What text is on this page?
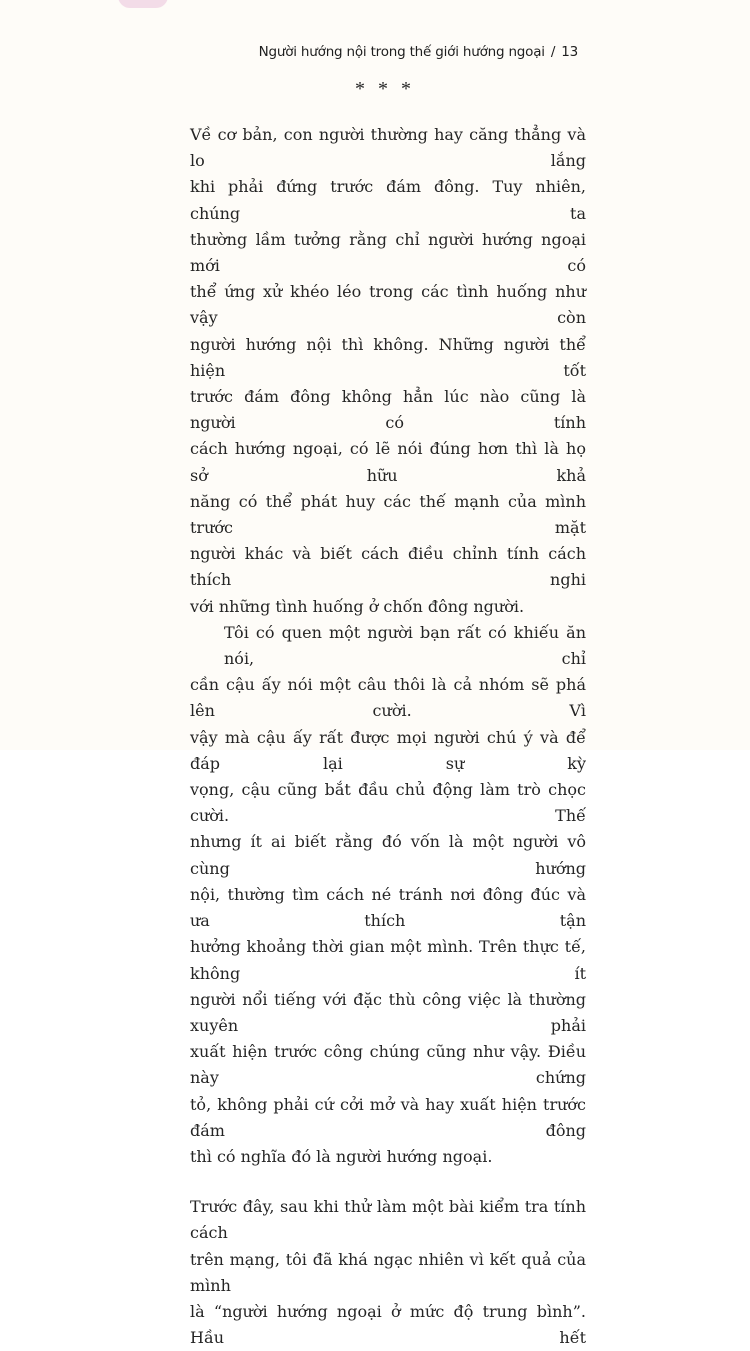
Người hướng nội trong thế giới hướng ngoại / 13
* * *
Về cơ bản, con người thường hay căng thẳng và lo lắng
khi phải đứng trước đám đông. Tuy nhiên, chúng ta
thường lầm tưởng rằng chỉ người hướng ngoại mới có
thể ứng xử khéo léo trong các tình huống như vậy còn
người hướng nội thì không. Những người thể hiện tốt
trước đám đông không hẳn lúc nào cũng là người có tính
cách hướng ngoại, có lẽ nói đúng hơn thì là họ sở hữu khả
năng có thể phát huy các thế mạnh của mình trước mặt
người khác và biết cách điều chỉnh tính cách thích nghi
với những tình huống ở chốn đông người.
Tôi có quen một người bạn rất có khiếu ăn nói, chỉ
cần cậu ấy nói một câu thôi là cả nhóm sẽ phá lên cười. Vì
vậy mà cậu ấy rất được mọi người chú ý và để đáp lại sự kỳ
vọng, cậu cũng bắt đầu chủ động làm trò chọc cười. Thế
nhưng ít ai biết rằng đó vốn là một người vô cùng hướng
nội, thường tìm cách né tránh nơi đông đúc và ưa thích tận
hưởng khoảng thời gian một mình. Trên thực tế, không ít
người nổi tiếng với đặc thù công việc là thường xuyên phải
xuất hiện trước công chúng cũng như vậy. Điều này chứng
tỏ, không phải cứ cởi mở và hay xuất hiện trước đám đông
thì có nghĩa đó là người hướng ngoại.
Trước đây, sau khi thử làm một bài kiểm tra tính cách
trên mạng, tôi đã khá ngạc nhiên vì kết quả của mình
là “người hướng ngoại ở mức độ trung bình”. Hầu hết
